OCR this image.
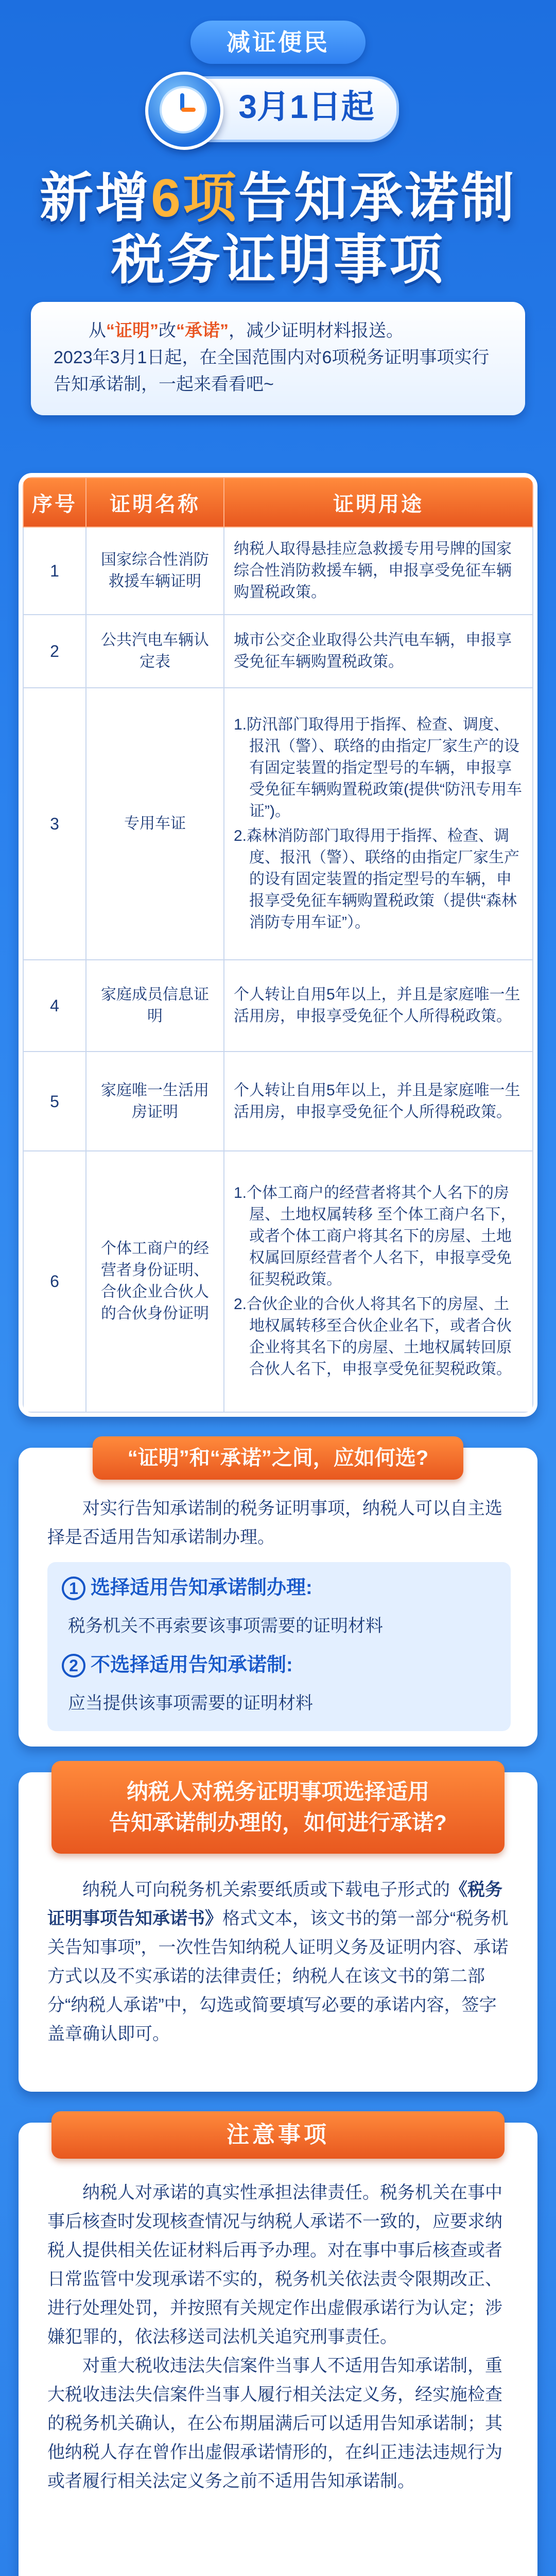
减证便民
3月1日起
新增6项告知承诺制
税务证明事项
从“证明”改“承诺”，减少证明材料报送。
2023年3月1日起，在全国范围内对6项税务证明事项实行告知承诺制，一起来看看吧~
序号	证明名称	证明用途
1	国家综合性消防救援车辆证明	纳税人取得悬挂应急救援专用号牌的国家综合性消防救援车辆，申报享受免征车辆购置税政策。
2	公共汽电车辆认定表	城市公交企业取得公共汽电车辆，申报享受免征车辆购置税政策。
3	专用车证	1.防汛部门取得用于指挥、检查、调度、报汛（警）、联络的由指定厂家生产的设有固定装置的指定型号的车辆，申报享受免征车辆购置税政策(提供“防汛专用车证”)。
2.森林消防部门取得用于指挥、检查、调度、报汛（警）、联络的由指定厂家生产的设有固定装置的指定型号的车辆，申报享受免征车辆购置税政策（提供“森林消防专用车证”）。

4	家庭成员信息证明	个人转让自用5年以上，并且是家庭唯一生活用房，申报享受免征个人所得税政策。
5	家庭唯一生活用房证明	个人转让自用5年以上，并且是家庭唯一生活用房，申报享受免征个人所得税政策。
6	个体工商户的经营者身份证明、合伙企业合伙人的合伙身份证明	1.个体工商户的经营者将其个人名下的房屋、土地权属转移 至个体工商户名下，或者个体工商户将其名下的房屋、土地 权属回原经营者个人名下，申报享受免征契税政策。
2.合伙企业的合伙人将其名下的房屋、土地权属转移至合伙企业名下，或者合伙企业将其名下的房屋、土地权属转回原合伙人名下，申报享受免征契税政策。
“证明”和“承诺”之间，应如何选?
对实行告知承诺制的税务证明事项，纳税人可以自主选择是否适用告知承诺制办理。
1 选择适用告知承诺制办理:
税务机关不再索要该事项需要的证明材料
2 不选择适用告知承诺制:
应当提供该事项需要的证明材料
纳税人对税务证明事项选择适用
告知承诺制办理的，如何进行承诺?
纳税人可向税务机关索要纸质或下载电子形式的《税务证明事项告知承诺书》格式文本，该文书的第一部分“税务机关告知事项”，一次性告知纳税人证明义务及证明内容、承诺方式以及不实承诺的法律责任；纳税人在该文书的第二部分“纳税人承诺”中，勾选或简要填写必要的承诺内容，签字盖章确认即可。
注意事项
纳税人对承诺的真实性承担法律责任。税务机关在事中事后核查时发现核查情况与纳税人承诺不一致的，应要求纳税人提供相关佐证材料后再予办理。对在事中事后核查或者日常监管中发现承诺不实的，税务机关依法责令限期改正、进行处理处罚，并按照有关规定作出虚假承诺行为认定；涉嫌犯罪的，依法移送司法机关追究刑事责任。
对重大税收违法失信案件当事人不适用告知承诺制，重大税收违法失信案件当事人履行相关法定义务，经实施检查的税务机关确认，在公布期届满后可以适用告知承诺制；其他纳税人存在曾作出虚假承诺情形的，在纠正违法违规行为或者履行相关法定义务之前不适用告知承诺制。
